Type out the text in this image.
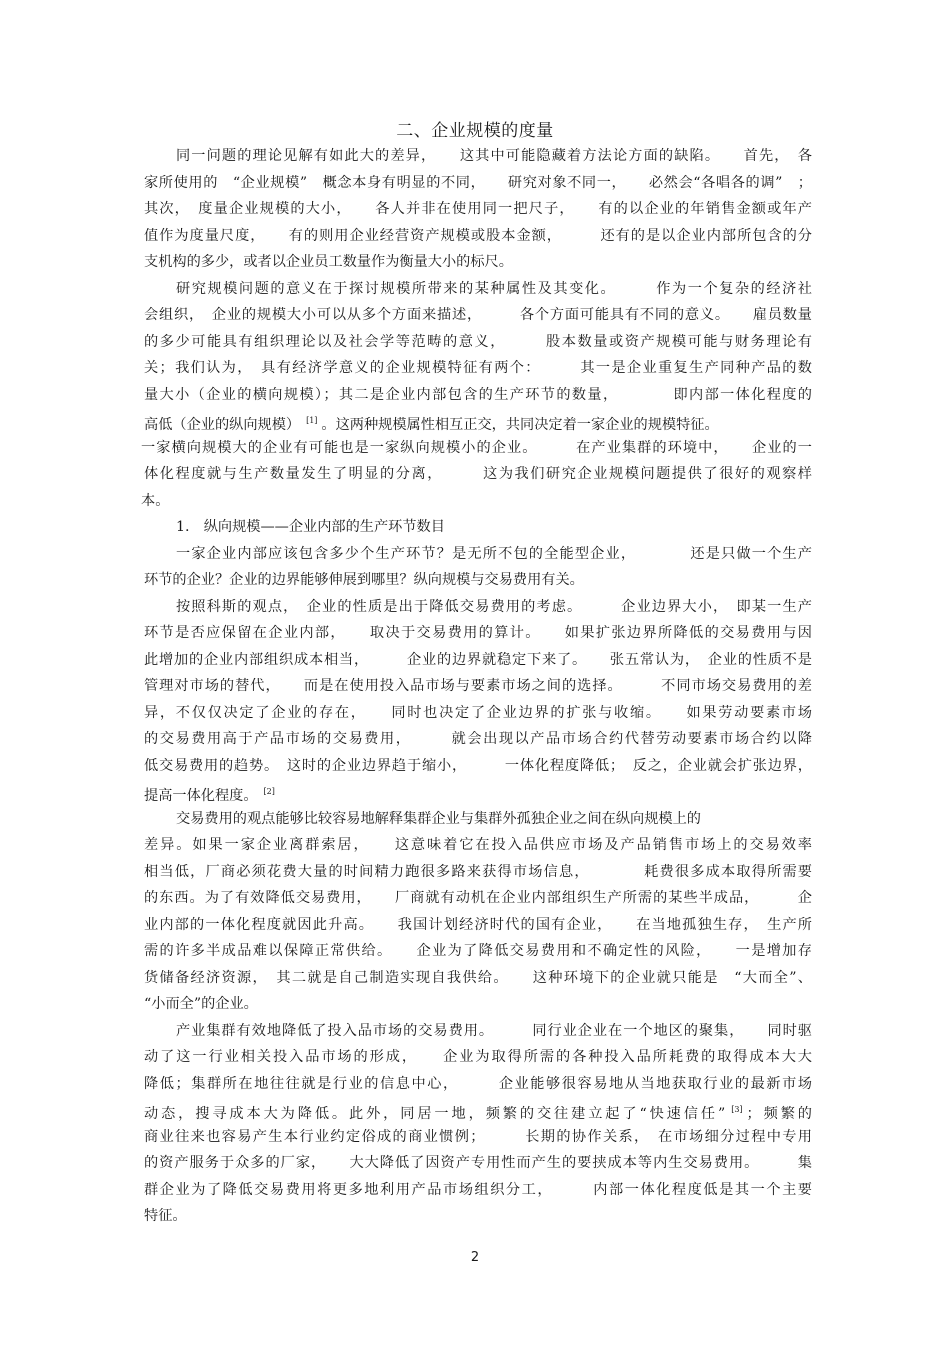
二、企业规模的度量
同一问题的理论见解有如此大的差异，　　这其中可能隐藏着方法论方面的缺陷。　　首先，　各
家所使用的　“企业规模”　概念本身有明显的不同，　　研究对象不同一，　　必然会“各唱各的调”　；
其次，　度量企业规模的大小，　　各人并非在使用同一把尺子，　　有的以企业的年销售金额或年产
值作为度量尺度，　　有的则用企业经营资产规模或股本金额，　　　还有的是以企业内部所包含的分
支机构的多少，或者以企业员工数量作为衡量大小的标尺。
研究规模问题的意义在于探讨规模所带来的某种属性及其变化。　　　作为一个复杂的经济社
会组织，　企业的规模大小可以从多个方面来描述，　　　各个方面可能具有不同的意义。　　雇员数量
的多少可能具有组织理论以及社会学等范畴的意义，　　　股本数量或资产规模可能与财务理论有
关；我们认为，　具有经济学意义的企业规模特征有两个：　　　其一是企业重复生产同种产品的数
量大小（企业的横向规模）；其二是企业内部包含的生产环节的数量，　　　　即内部一体化程度的
高低（企业的纵向规模） [1] 。这两种规模属性相互正交，共同决定着一家企业的规模特征。
一家横向规模大的企业有可能也是一家纵向规模小的企业。　　　在产业集群的环境中，　　企业的一
体化程度就与生产数量发生了明显的分离，　　　这为我们研究企业规模问题提供了很好的观察样
本。
1.　纵向规模——企业内部的生产环节数目
一家企业内部应该包含多少个生产环节？是无所不包的全能型企业，　　　　还是只做一个生产
环节的企业？企业的边界能够伸展到哪里？纵向规模与交易费用有关。
按照科斯的观点，　企业的性质是出于降低交易费用的考虑。　　　企业边界大小，　即某一生产
环节是否应保留在企业内部，　　取决于交易费用的算计。　　如果扩张边界所降低的交易费用与因
此增加的企业内部组织成本相当，　　　企业的边界就稳定下来了。　　张五常认为，　企业的性质不是
管理对市场的替代，　　而是在使用投入品市场与要素市场之间的选择。　　　不同市场交易费用的差
异，不仅仅决定了企业的存在，　　同时也决定了企业边界的扩张与收缩。　　如果劳动要素市场
的交易费用高于产品市场的交易费用，　　　就会出现以产品市场合约代替劳动要素市场合约以降
低交易费用的趋势。　这时的企业边界趋于缩小，　　　一体化程度降低；　反之，企业就会扩张边界，
提高一体化程度。 [2]
交易费用的观点能够比较容易地解释集群企业与集群外孤独企业之间在纵向规模上的
差异。如果一家企业离群索居，　　这意味着它在投入品供应市场及产品销售市场上的交易效率
相当低，厂商必须花费大量的时间精力跑很多路来获得市场信息，　　　　耗费很多成本取得所需要
的东西。为了有效降低交易费用，　　厂商就有动机在企业内部组织生产所需的某些半成品，　　　企
业内部的一体化程度就因此升高。　　我国计划经济时代的国有企业，　　在当地孤独生存，　生产所
需的许多半成品难以保障正常供给。　　企业为了降低交易费用和不确定性的风险，　　一是增加存
货储备经济资源，　其二就是自己制造实现自我供给。　　这种环境下的企业就只能是　“大而全”、
“小而全”的企业。
产业集群有效地降低了投入品市场的交易费用。　　　同行业企业在一个地区的聚集，　　同时驱
动了这一行业相关投入品市场的形成，　　企业为取得所需的各种投入品所耗费的取得成本大大
降低；集群所在地往往就是行业的信息中心，　　　企业能够很容易地从当地获取行业的最新市场
动态，搜寻成本大为降低。此外，同居一地，频繁的交往建立起了“快速信任” [3] ；频繁的
商业往来也容易产生本行业约定俗成的商业惯例；　　　长期的协作关系，　在市场细分过程中专用
的资产服务于众多的厂家，　　大大降低了因资产专用性而产生的要挟成本等内生交易费用。　　　集
群企业为了降低交易费用将更多地利用产品市场组织分工，　　　内部一体化程度低是其一个主要
特征。
2
